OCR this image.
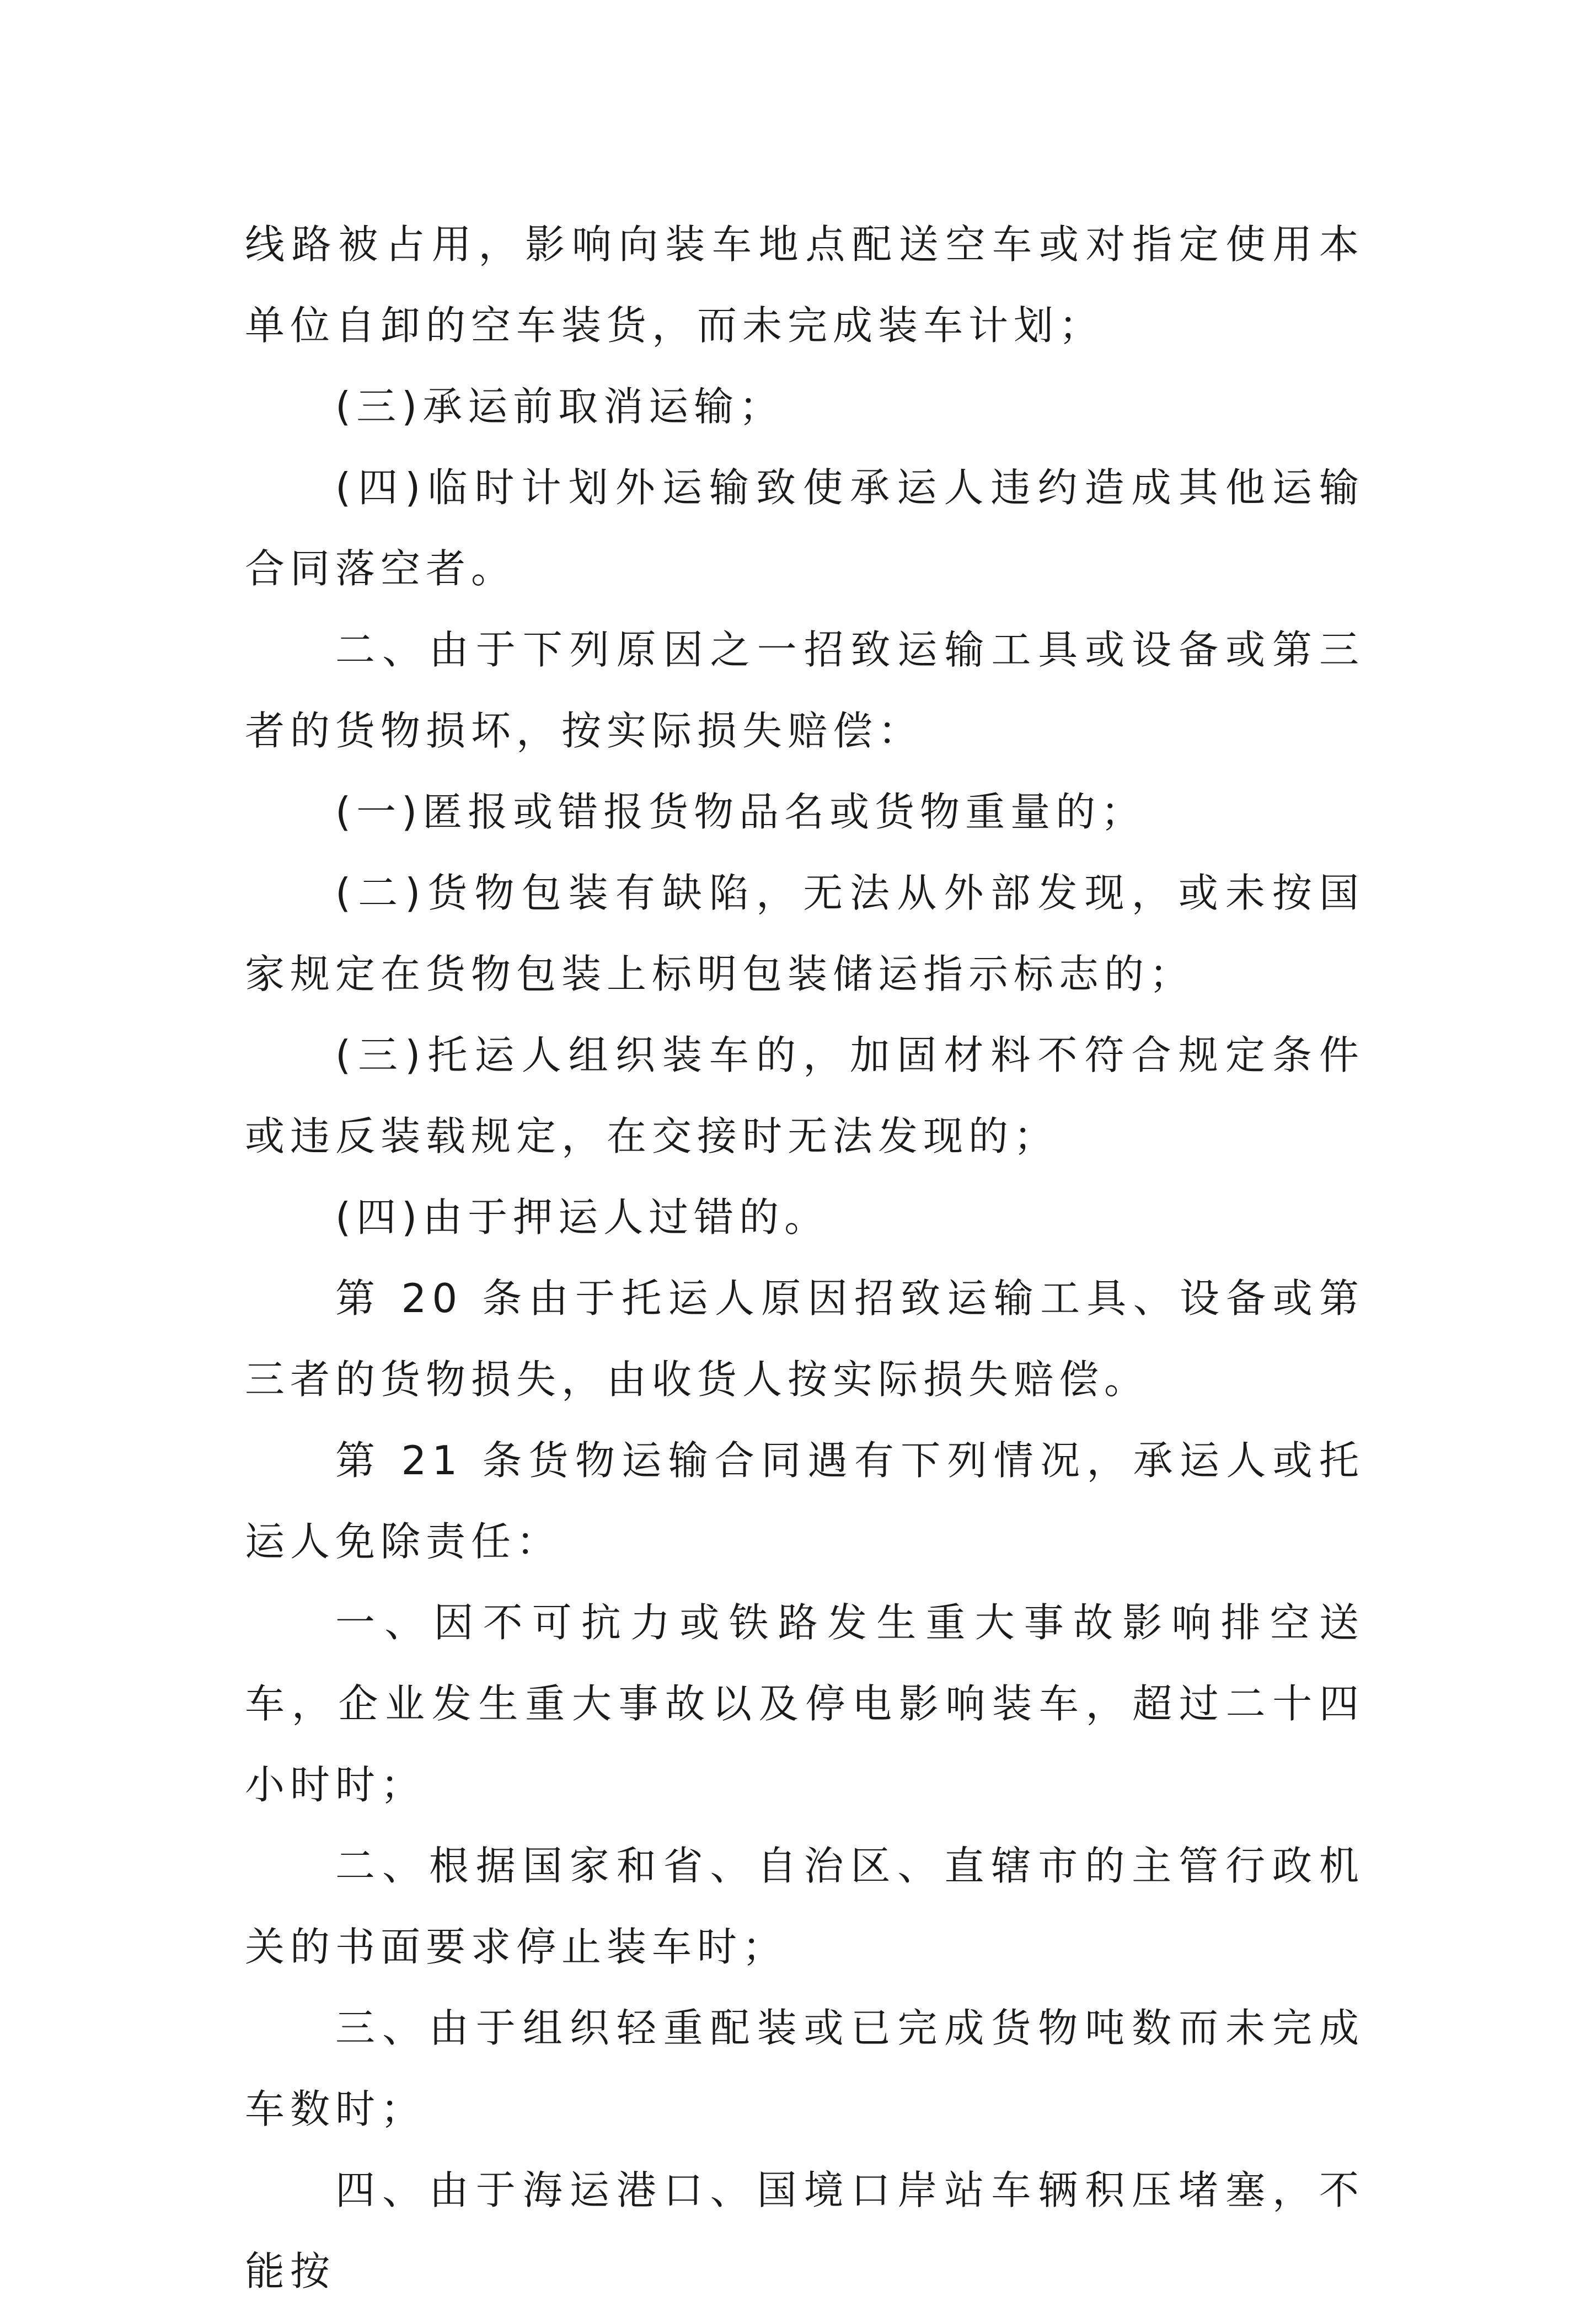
线路被占用，影响向装车地点配送空车或对指定使用本单位自卸的空车装货，而未完成装车计划；

(三)承运前取消运输；

(四)临时计划外运输致使承运人违约造成其他运输合同落空者。

二、由于下列原因之一招致运输工具或设备或第三者的货物损坏，按实际损失赔偿：

(一)匿报或错报货物品名或货物重量的；

(二)货物包装有缺陷，无法从外部发现，或未按国家规定在货物包装上标明包装储运指示标志的；

(三)托运人组织装车的，加固材料不符合规定条件或违反装载规定，在交接时无法发现的；

(四)由于押运人过错的。

第 20 条由于托运人原因招致运输工具、设备或第三者的货物损失，由收货人按实际损失赔偿。

第 21 条货物运输合同遇有下列情况，承运人或托运人免除责任：

一、因不可抗力或铁路发生重大事故影响排空送车，企业发生重大事故以及停电影响装车，超过二十四小时时；

二、根据国家和省、自治区、直辖市的主管行政机关的书面要求停止装车时；

三、由于组织轻重配装或已完成货物吨数而未完成车数时；

四、由于海运港口、国境口岸站车辆积压堵塞，不能按
